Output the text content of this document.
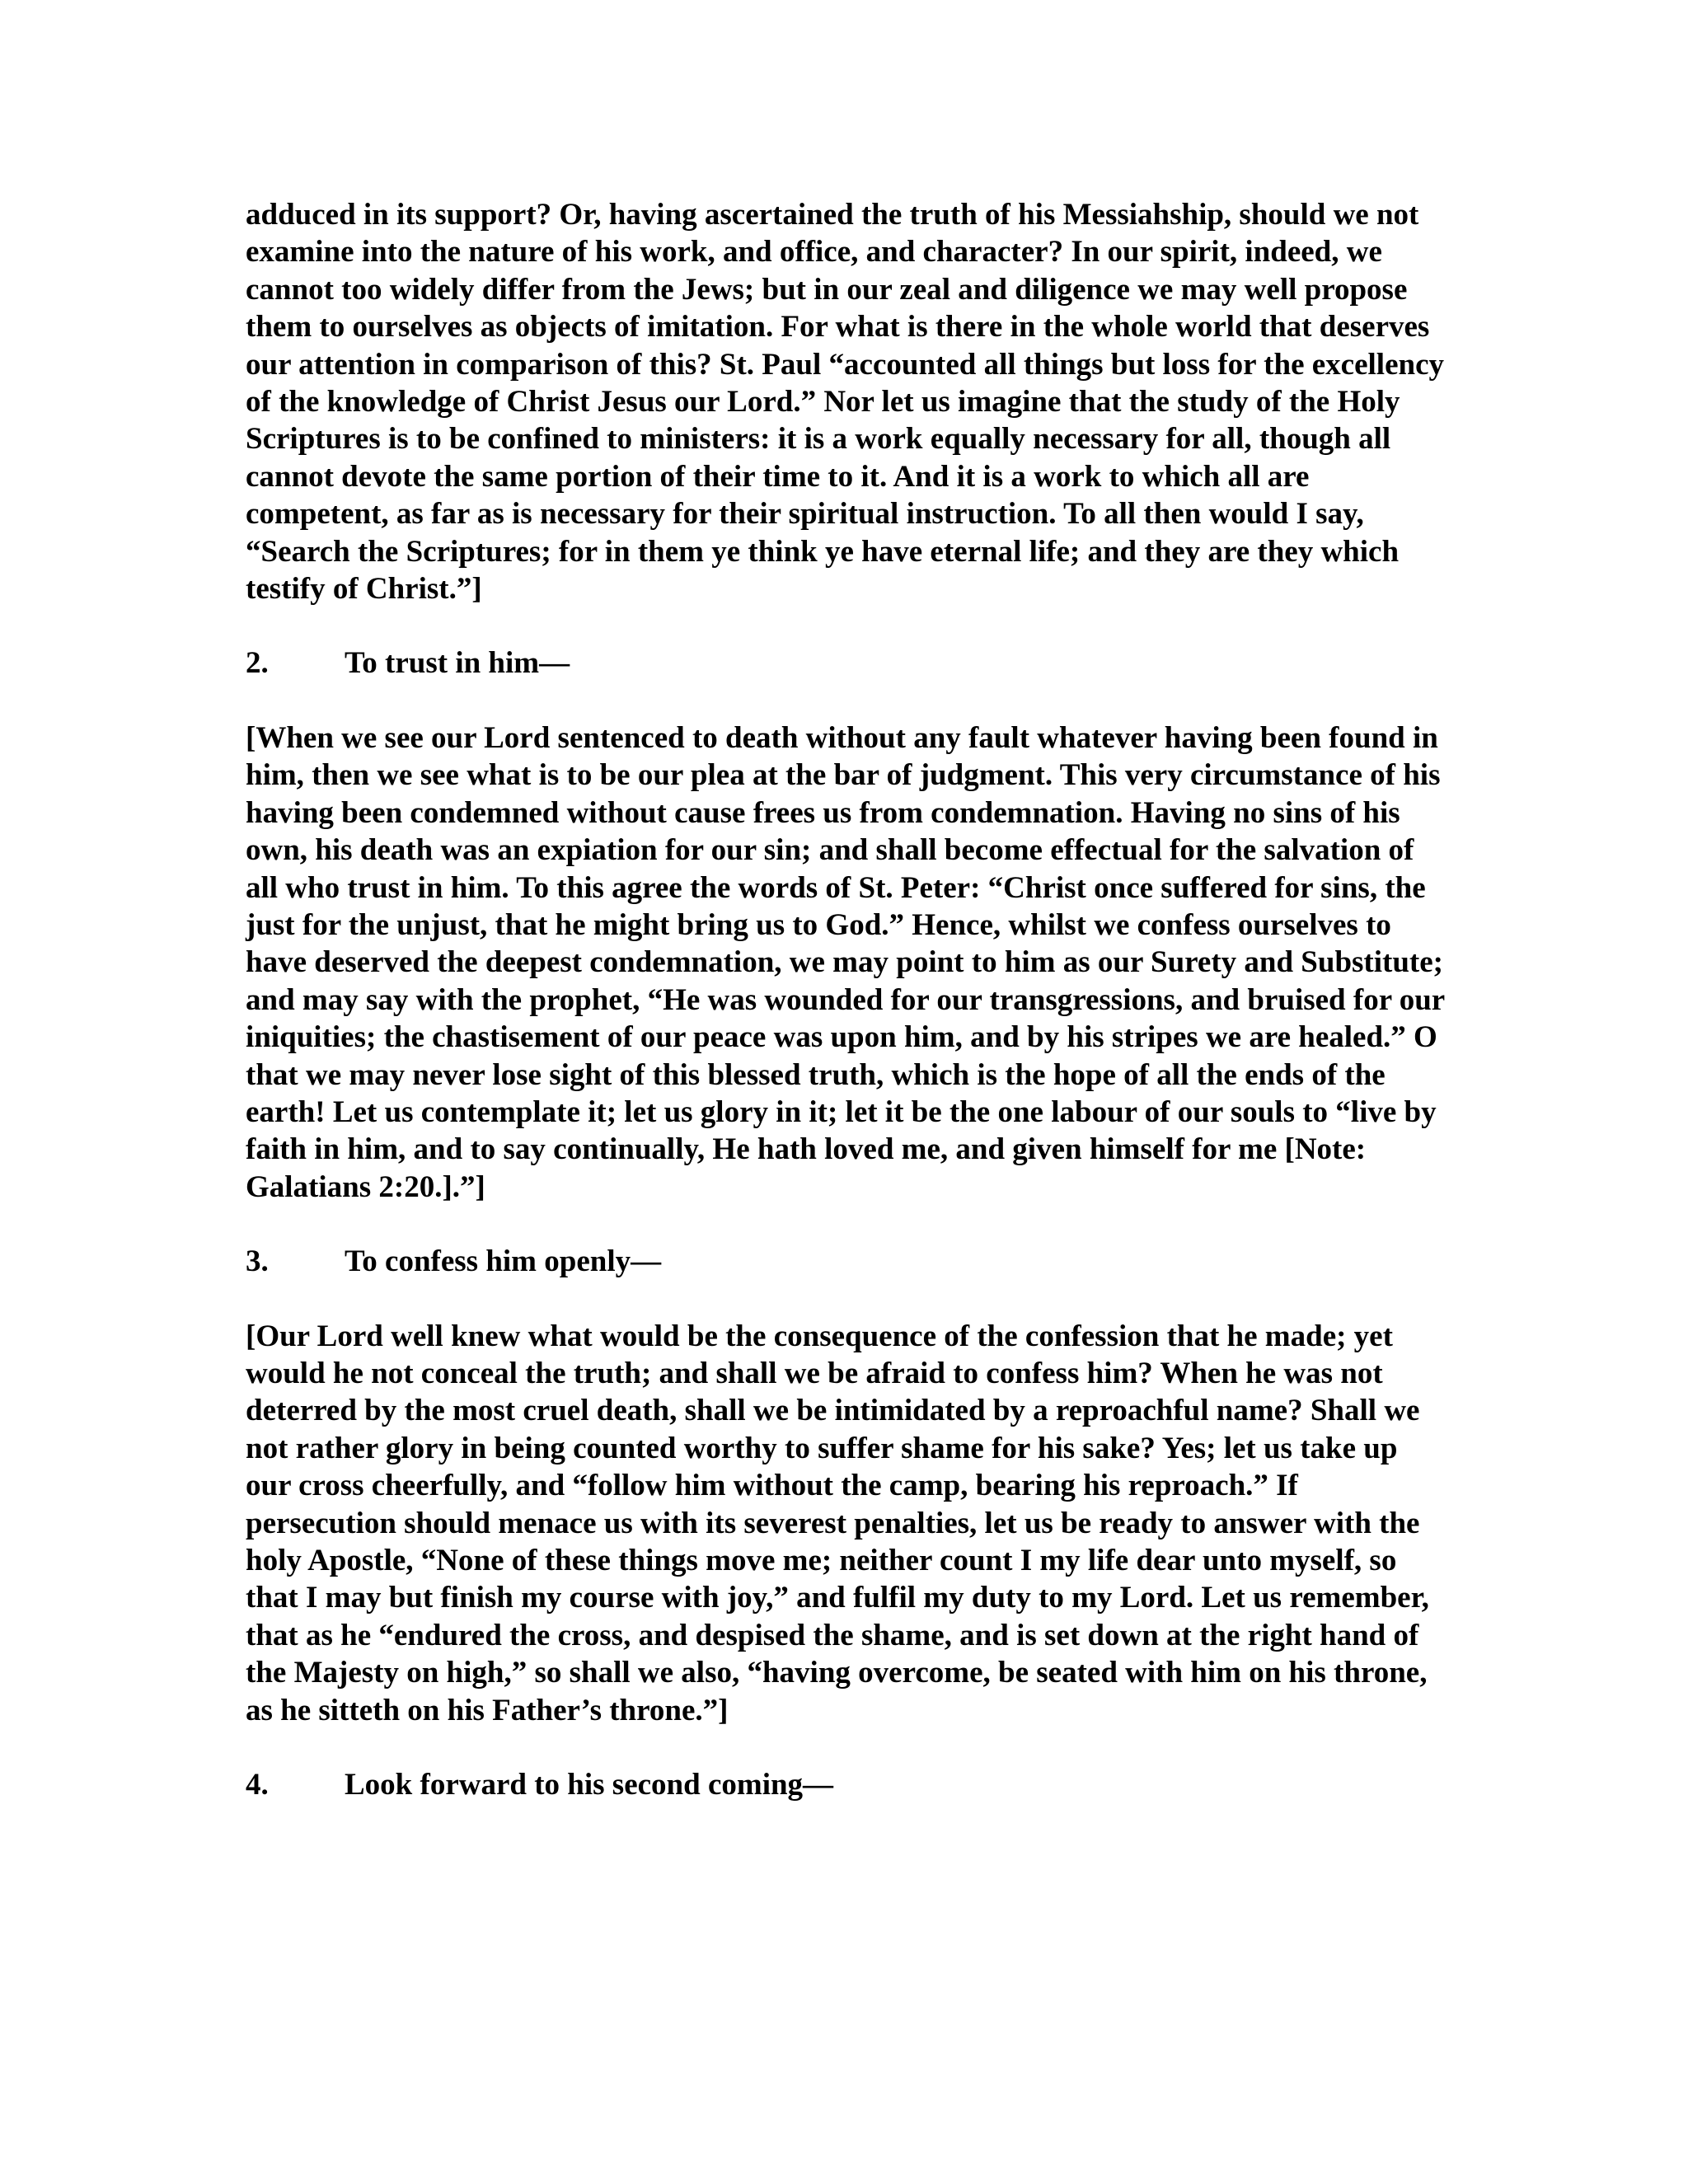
adduced in its support? Or, having ascertained the truth of his Messiahship, should we not examine into the nature of his work, and office, and character? In our spirit, indeed, we cannot too widely differ from the Jews; but in our zeal and diligence we may well propose them to ourselves as objects of imitation. For what is there in the whole world that deserves our attention in comparison of this? St. Paul “accounted all things but loss for the excellency of the knowledge of Christ Jesus our Lord.” Nor let us imagine that the study of the Holy Scriptures is to be confined to ministers: it is a work equally necessary for all, though all cannot devote the same portion of their time to it. And it is a work to which all are competent, as far as is necessary for their spiritual instruction. To all then would I say, “Search the Scriptures; for in them ye think ye have eternal life; and they are they which testify of Christ.”]

2.	To trust in him—

[When we see our Lord sentenced to death without any fault whatever having been found in him, then we see what is to be our plea at the bar of judgment. This very circumstance of his having been condemned without cause frees us from condemnation. Having no sins of his own, his death was an expiation for our sin; and shall become effectual for the salvation of all who trust in him. To this agree the words of St. Peter: “Christ once suffered for sins, the just for the unjust, that he might bring us to God.” Hence, whilst we confess ourselves to have deserved the deepest condemnation, we may point to him as our Surety and Substitute; and may say with the prophet, “He was wounded for our transgressions, and bruised for our iniquities; the chastisement of our peace was upon him, and by his stripes we are healed.” O that we may never lose sight of this blessed truth, which is the hope of all the ends of the earth! Let us contemplate it; let us glory in it; let it be the one labour of our souls to “live by faith in him, and to say continually, He hath loved me, and given himself for me [Note: Galatians 2:20.].”]

3.	To confess him openly—

[Our Lord well knew what would be the consequence of the confession that he made; yet would he not conceal the truth; and shall we be afraid to confess him? When he was not deterred by the most cruel death, shall we be intimidated by a reproachful name? Shall we not rather glory in being counted worthy to suffer shame for his sake? Yes; let us take up our cross cheerfully, and “follow him without the camp, bearing his reproach.” If persecution should menace us with its severest penalties, let us be ready to answer with the holy Apostle, “None of these things move me; neither count I my life dear unto myself, so that I may but finish my course with joy,” and fulfil my duty to my Lord. Let us remember, that as he “endured the cross, and despised the shame, and is set down at the right hand of the Majesty on high,” so shall we also, “having overcome, be seated with him on his throne, as he sitteth on his Father’s throne.”]

4.	Look forward to his second coming—
